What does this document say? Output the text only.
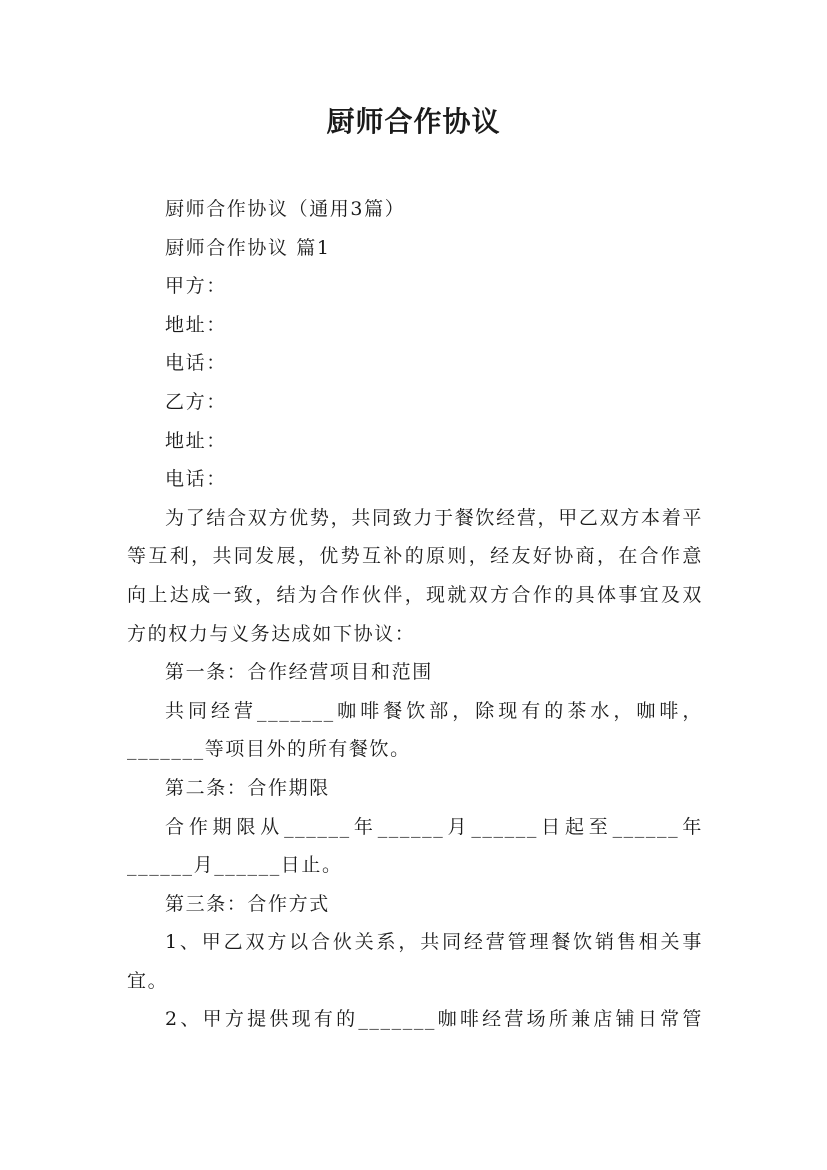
厨师合作协议

厨师合作协议（通用3篇）

厨师合作协议 篇1

甲方：

地址：

电话：

乙方：

地址：

电话：

为了结合双方优势，共同致力于餐饮经营，甲乙双方本着平等互利，共同发展，优势互补的原则，经友好协商，在合作意向上达成一致，结为合作伙伴，现就双方合作的具体事宜及双方的权力与义务达成如下协议：

第一条：合作经营项目和范围

共同经营_______咖啡餐饮部，除现有的茶水，咖啡，_______等项目外的所有餐饮。

第二条：合作期限

合作期限从______年______月______日起至______年______月______日止。

第三条：合作方式

1、甲乙双方以合伙关系，共同经营管理餐饮销售相关事宜。

2、甲方提供现有的_______咖啡经营场所兼店铺日常管
